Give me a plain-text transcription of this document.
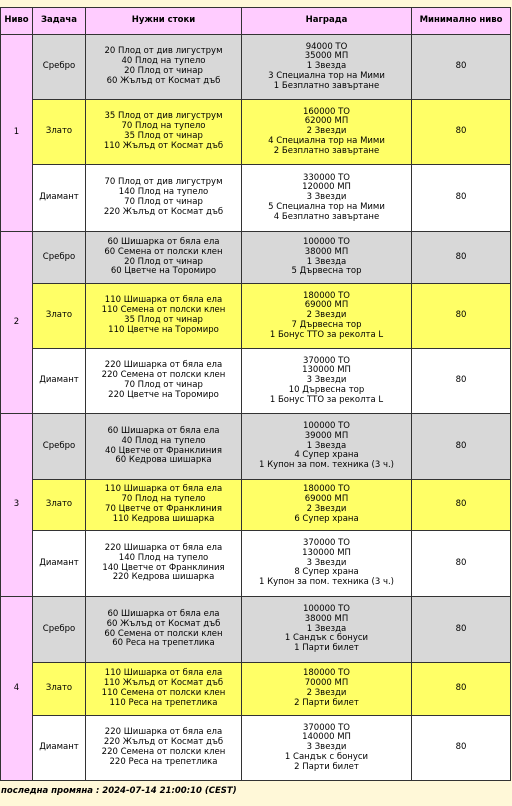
Ниво	Задача	Нужни стоки	Награда	Минимално ниво
1	Сребро	20 Плод от див лигуструм
40 Плод на тупело
20 Плод от чинар
60 Жълъд от Космат дъб	94000 ТО
35000 МП
1 Звезда
3 Специална тор на Мими
1 Безплатно завъртане	80
	Злато	35 Плод от див лигуструм
70 Плод на тупело
35 Плод от чинар
110 Жълъд от Космат дъб	160000 ТО
62000 МП
2 Звезди
4 Специална тор на Мими
2 Безплатно завъртане	80
	Диамант	70 Плод от див лигуструм
140 Плод на тупело
70 Плод от чинар
220 Жълъд от Космат дъб	330000 ТО
120000 МП
3 Звезди
5 Специална тор на Мими
4 Безплатно завъртане	80
2	Сребро	60 Шишарка от бяла ела
60 Семена от полски клен
20 Плод от чинар
60 Цветче на Торомиро	100000 ТО
38000 МП
1 Звезда
5 Дървесна тор	80
	Злато	110 Шишарка от бяла ела
110 Семена от полски клен
35 Плод от чинар
110 Цветче на Торомиро	180000 ТО
69000 МП
2 Звезди
7 Дървесна тор
1 Бонус ТТО за реколта L	80
	Диамант	220 Шишарка от бяла ела
220 Семена от полски клен
70 Плод от чинар
220 Цветче на Торомиро	370000 ТО
130000 МП
3 Звезди
10 Дървесна тор
1 Бонус ТТО за реколта L	80
3	Сребро	60 Шишарка от бяла ела
40 Плод на тупело
40 Цветче от Франклиния
60 Кедрова шишарка	100000 ТО
39000 МП
1 Звезда
4 Супер храна
1 Купон за пом. техника (3 ч.)	80
	Злато	110 Шишарка от бяла ела
70 Плод на тупело
70 Цветче от Франклиния
110 Кедрова шишарка	180000 ТО
69000 МП
2 Звезди
6 Супер храна	80
	Диамант	220 Шишарка от бяла ела
140 Плод на тупело
140 Цветче от Франклиния
220 Кедрова шишарка	370000 ТО
130000 МП
3 Звезди
8 Супер храна
1 Купон за пом. техника (3 ч.)	80
4	Сребро	60 Шишарка от бяла ела
60 Жълъд от Космат дъб
60 Семена от полски клен
60 Реса на трепетлика	100000 ТО
38000 МП
1 Звезда
1 Сандък с бонуси
1 Парти билет	80
	Злато	110 Шишарка от бяла ела
110 Жълъд от Космат дъб
110 Семена от полски клен
110 Реса на трепетлика	180000 ТО
70000 МП
2 Звезди
2 Парти билет	80
	Диамант	220 Шишарка от бяла ела
220 Жълъд от Космат дъб
220 Семена от полски клен
220 Реса на трепетлика	370000 ТО
140000 МП
3 Звезди
1 Сандък с бонуси
2 Парти билет	80
последна промяна : 2024-07-14 21:00:10 (CEST)
